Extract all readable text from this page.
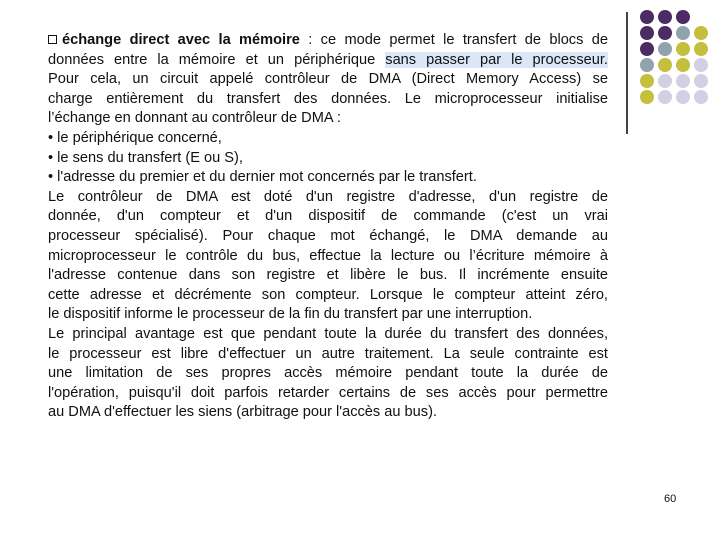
échange direct avec la mémoire : ce mode permet le transfert de blocs de
données entre la mémoire et un périphérique sans passer par le processeur.
Pour cela, un circuit appelé contrôleur de DMA (Direct Memory Access) se
charge entièrement du transfert des données. Le microprocesseur initialise
l’échange en donnant au contrôleur de DMA :
• le périphérique concerné,
• le sens du transfert (E ou S),
• l'adresse du premier et du dernier mot concernés par le transfert.
Le contrôleur de DMA est doté d'un registre d'adresse, d'un registre de
donnée, d'un compteur et d'un dispositif de commande (c'est un vrai
processeur spécialisé). Pour chaque mot échangé, le DMA demande au
microprocesseur le contrôle du bus, effectue la lecture ou l’écriture mémoire à
l'adresse contenue dans son registre et libère le bus. Il incrémente ensuite
cette adresse et décrémente son compteur. Lorsque le compteur atteint zéro,
le dispositif informe le processeur de la fin du transfert par une interruption.
Le principal avantage est que pendant toute la durée du transfert des données,
le processeur est libre d'effectuer un autre traitement. La seule contrainte est
une limitation de ses propres accès mémoire pendant toute la durée de
l'opération, puisqu'il doit parfois retarder certains de ses accès pour permettre
au DMA d'effectuer les siens (arbitrage pour l'accès au bus).
60
